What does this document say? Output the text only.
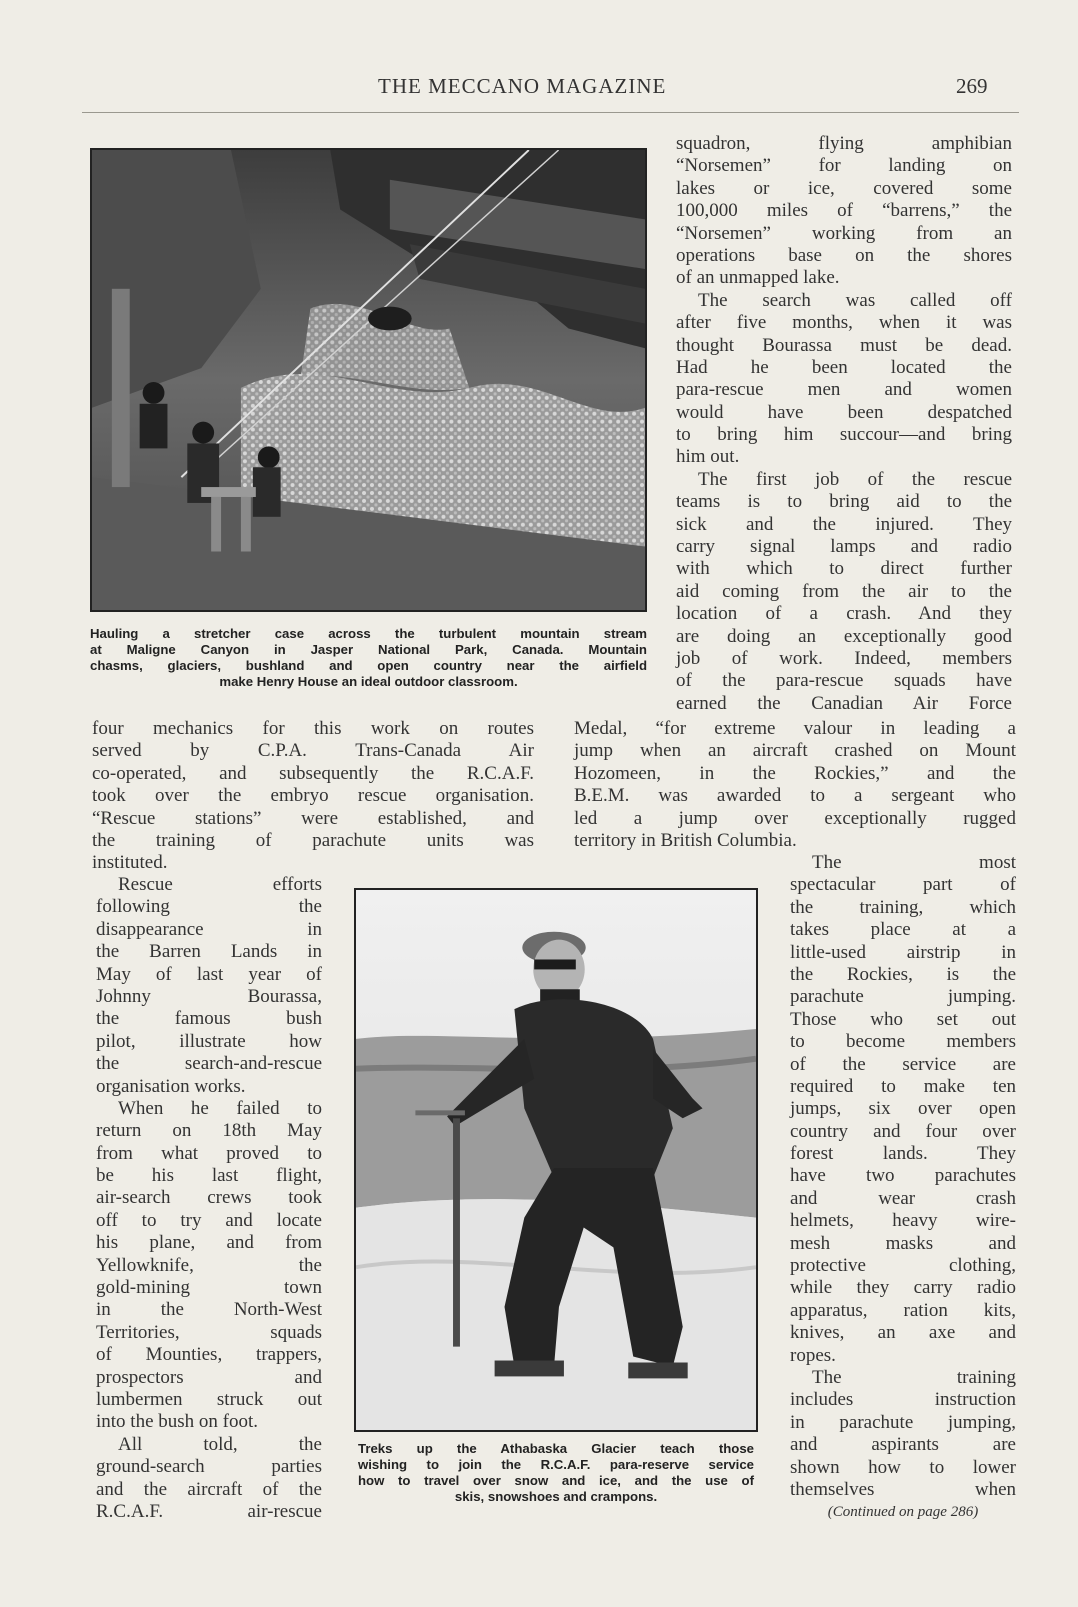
THE MECCANO MAGAZINE	269
Hauling a stretcher case across the turbulent mountain stream
at Maligne Canyon in Jasper National Park, Canada. Mountain
chasms, glaciers, bushland and open country near the airfield
make Henry House an ideal outdoor classroom.
squadron, flying amphibian
“Norsemen” for landing on
lakes or ice, covered some
100,000 miles of “barrens,” the
“Norsemen” working from an
operations base on the shores
of an unmapped lake.
The search was called off
after five months, when it was
thought Bourassa must be dead.
Had he been located the
para-rescue men and women
would have been despatched
to bring him succour—and bring
him out.
The first job of the rescue
teams is to bring aid to the
sick and the injured. They
carry signal lamps and radio
with which to direct further
aid coming from the air to the
location of a crash. And they
are doing an exceptionally good
job of work. Indeed, members
of the para-rescue squads have
earned the Canadian Air Force
four mechanics for this work on routes
served by C.P.A. Trans-Canada Air
co-operated, and subsequently the R.C.A.F.
took over the embryo rescue organisation.
“Rescue stations” were established, and
the training of parachute units was
instituted.
Medal, “for extreme valour in leading a
jump when an aircraft crashed on Mount
Hozomeen, in the Rockies,” and the
B.E.M. was awarded to a sergeant who
led a jump over exceptionally rugged
territory in British Columbia.
Treks up the Athabaska Glacier teach those
wishing to join the R.C.A.F. para-reserve service
how to travel over snow and ice, and the use of
skis, snowshoes and crampons.
Rescue efforts
following the
disappearance in
the Barren Lands in
May of last year of
Johnny Bourassa,
the famous bush
pilot, illustrate how
the search-and-rescue
organisation works.
When he failed to
return on 18th May
from what proved to
be his last flight,
air-search crews took
off to try and locate
his plane, and from
Yellowknife, the
gold-mining town
in the North-West
Territories, squads
of Mounties, trappers,
prospectors and
lumbermen struck out
into the bush on foot.
All told, the
ground-search parties
and the aircraft of the
R.C.A.F. air-rescue
The most
spectacular part of
the training, which
takes place at a
little-used airstrip in
the Rockies, is the
parachute jumping.
Those who set out
to become members
of the service are
required to make ten
jumps, six over open
country and four over
forest lands. They
have two parachutes
and wear crash
helmets, heavy wire-
mesh masks and
protective clothing,
while they carry radio
apparatus, ration kits,
knives, an axe and
ropes.
The training
includes instruction
in parachute jumping,
and aspirants are
shown how to lower
themselves when
(Continued on page 286)
